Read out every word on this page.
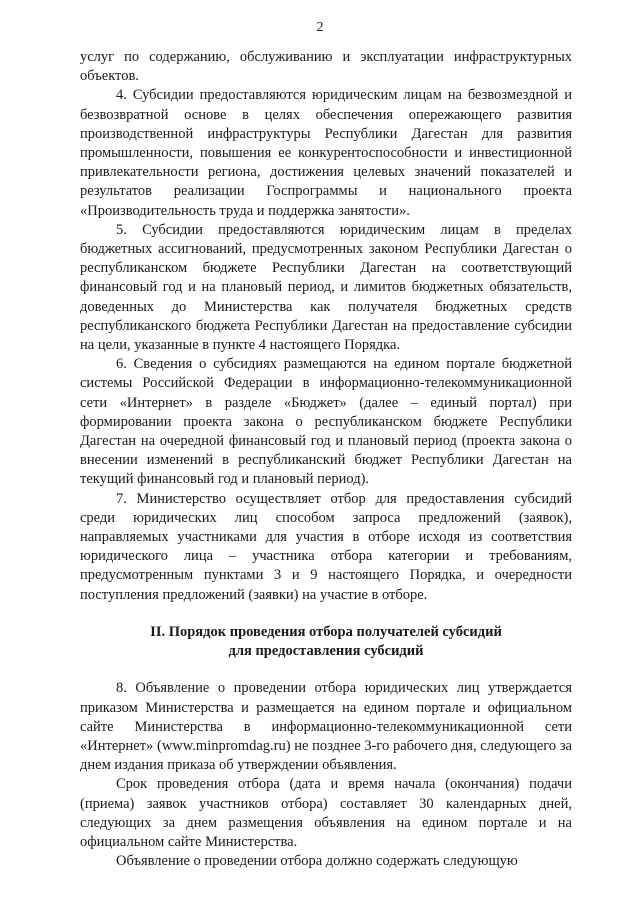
2

услуг по содержанию, обслуживанию и эксплуатации инфраструктурных объектов.

4. Субсидии предоставляются юридическим лицам на безвозмездной и безвозвратной основе в целях обеспечения опережающего развития производственной инфраструктуры Республики Дагестан для развития промышленности, повышения ее конкурентоспособности и инвестиционной привлекательности региона, достижения целевых значений показателей и результатов реализации Госпрограммы и национального проекта «Производительность труда и поддержка занятости».

5. Субсидии предоставляются юридическим лицам в пределах бюджетных ассигнований, предусмотренных законом Республики Дагестан о республиканском бюджете Республики Дагестан на соответствующий финансовый год и на плановый период, и лимитов бюджетных обязательств, доведенных до Министерства как получателя бюджетных средств республиканского бюджета Республики Дагестан на предоставление субсидии на цели, указанные в пункте 4 настоящего Порядка.

6. Сведения о субсидиях размещаются на едином портале бюджетной системы Российской Федерации в информационно-телекоммуникационной сети «Интернет» в разделе «Бюджет» (далее – единый портал) при формировании проекта закона о республиканском бюджете Республики Дагестан на очередной финансовый год и плановый период (проекта закона о внесении изменений в республиканский бюджет Республики Дагестан на текущий финансовый год и плановый период).

7. Министерство осуществляет отбор для предоставления субсидий среди юридических лиц способом запроса предложений (заявок), направляемых участниками для участия в отборе исходя из соответствия юридического лица – участника отбора категории и требованиям, предусмотренным пунктами 3 и 9 настоящего Порядка, и очередности поступления предложений (заявки) на участие в отборе.

II. Порядок проведения отбора получателей субсидий
для предоставления субсидий

8. Объявление о проведении отбора юридических лиц утверждается приказом Министерства и размещается на едином портале и официальном сайте Министерства в информационно-телекоммуникационной сети «Интернет» (www.minpromdag.ru) не позднее 3-го рабочего дня, следующего за днем издания приказа об утверждении объявления.

Срок проведения отбора (дата и время начала (окончания) подачи (приема) заявок участников отбора) составляет 30 календарных дней, следующих за днем размещения объявления на едином портале и на официальном сайте Министерства.

Объявление о проведении отбора должно содержать следующую
